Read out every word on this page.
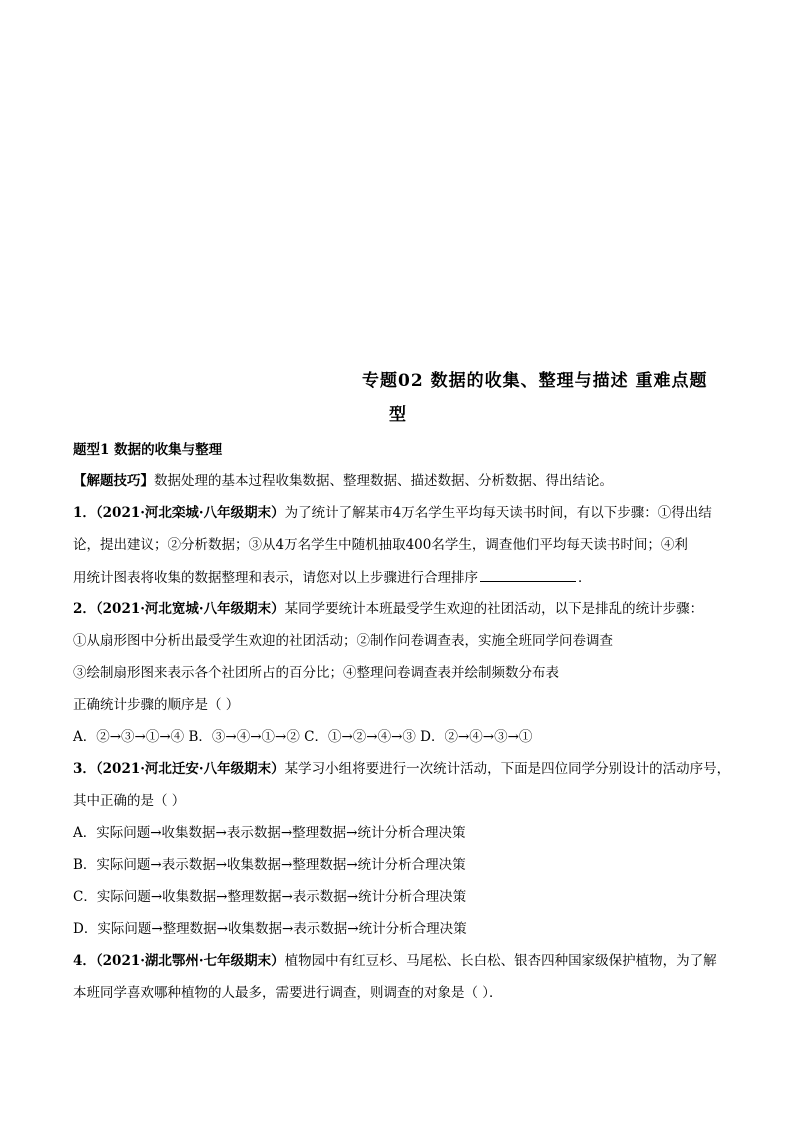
专题02 数据的收集、整理与描述 重难点题
型
题型1 数据的收集与整理
【解题技巧】数据处理的基本过程收集数据、整理数据、描述数据、分析数据、得出结论。
1．（2021·河北栾城·八年级期末）为了统计了解某市4万名学生平均每天读书时间，有以下步骤：①得出结
论，提出建议；②分析数据；③从4万名学生中随机抽取400名学生，调查他们平均每天读书时间；④利
用统计图表将收集的数据整理和表示，请您对以上步骤进行合理排序	．
2．（2021·河北宽城·八年级期末）某同学要统计本班最受学生欢迎的社团活动，以下是排乱的统计步骤：
①从扇形图中分析出最受学生欢迎的社团活动；②制作问卷调查表，实施全班同学问卷调查
③绘制扇形图来表示各个社团所占的百分比；④整理问卷调查表并绘制频数分布表
正确统计步骤的顺序是（ ）
A．②→③→①→④ B．③→④→①→② C．①→②→④→③ D．②→④→③→①
3．（2021·河北迁安·八年级期末）某学习小组将要进行一次统计活动，下面是四位同学分别设计的活动序号，
其中正确的是（ ）
A．实际问题→收集数据→表示数据→整理数据→统计分析合理决策
B．实际问题→表示数据→收集数据→整理数据→统计分析合理决策
C．实际问题→收集数据→整理数据→表示数据→统计分析合理决策
D．实际问题→整理数据→收集数据→表示数据→统计分析合理决策
4．（2021·湖北鄂州·七年级期末）植物园中有红豆杉、马尾松、长白松、银杏四种国家级保护植物，为了解
本班同学喜欢哪种植物的人最多，需要进行调查，则调查的对象是（ ）．
